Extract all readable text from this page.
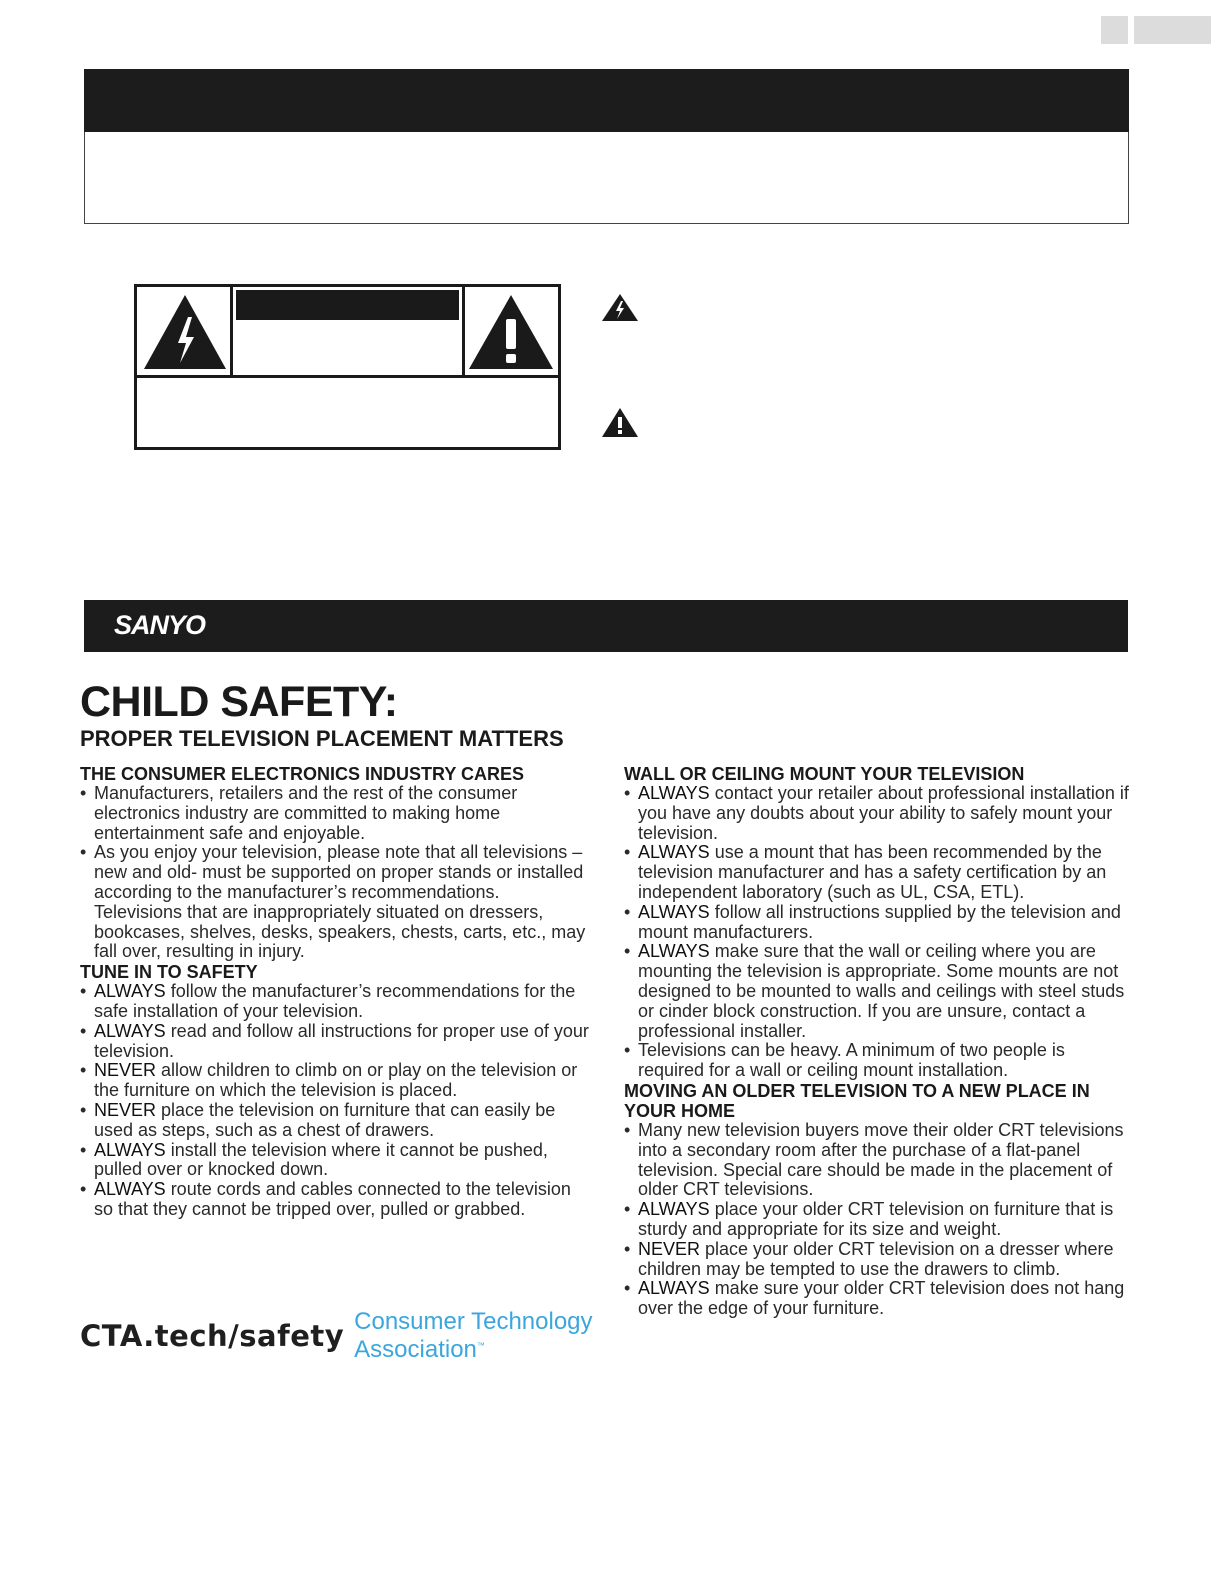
SANYO
CHILD SAFETY:
PROPER TELEVISION PLACEMENT MATTERS
THE CONSUMER ELECTRONICS INDUSTRY CARES
• Manufacturers, retailers and the rest of the consumer electronics industry are committed to making home entertainment safe and enjoyable.
• As you enjoy your television, please note that all televisions – new and old- must be supported on proper stands or installed according to the manufacturer’s recommendations. Televisions that are inappropriately situated on dressers, bookcases, shelves, desks, speakers, chests, carts, etc., may fall over, resulting in injury.
TUNE IN TO SAFETY
• ALWAYS follow the manufacturer’s recommendations for the safe installation of your television.
• ALWAYS read and follow all instructions for proper use of your television.
• NEVER allow children to climb on or play on the television or the furniture on which the television is placed.
• NEVER place the television on furniture that can easily be used as steps, such as a chest of drawers.
• ALWAYS install the television where it cannot be pushed, pulled over or knocked down.
• ALWAYS route cords and cables connected to the television so that they cannot be tripped over, pulled or grabbed.
WALL OR CEILING MOUNT YOUR TELEVISION
• ALWAYS contact your retailer about professional installation if you have any doubts about your ability to safely mount your television.
• ALWAYS use a mount that has been recommended by the television manufacturer and has a safety certification by an independent laboratory (such as UL, CSA, ETL).
• ALWAYS follow all instructions supplied by the television and mount manufacturers.
• ALWAYS make sure that the wall or ceiling where you are mounting the television is appropriate. Some mounts are not designed to be mounted to walls and ceilings with steel studs or cinder block construction. If you are unsure, contact a professional installer.
• Televisions can be heavy. A minimum of two people is required for a wall or ceiling mount installation.
MOVING AN OLDER TELEVISION TO A NEW PLACE IN YOUR HOME
• Many new television buyers move their older CRT televisions into a secondary room after the purchase of a flat-panel television. Special care should be made in the placement of older CRT televisions.
• ALWAYS place your older CRT television on furniture that is sturdy and appropriate for its size and weight.
• NEVER place your older CRT television on a dresser where children may be tempted to use the drawers to climb.
• ALWAYS make sure your older CRT television does not hang over the edge of your furniture.
CTA.tech/safety Consumer Technology
Association™
